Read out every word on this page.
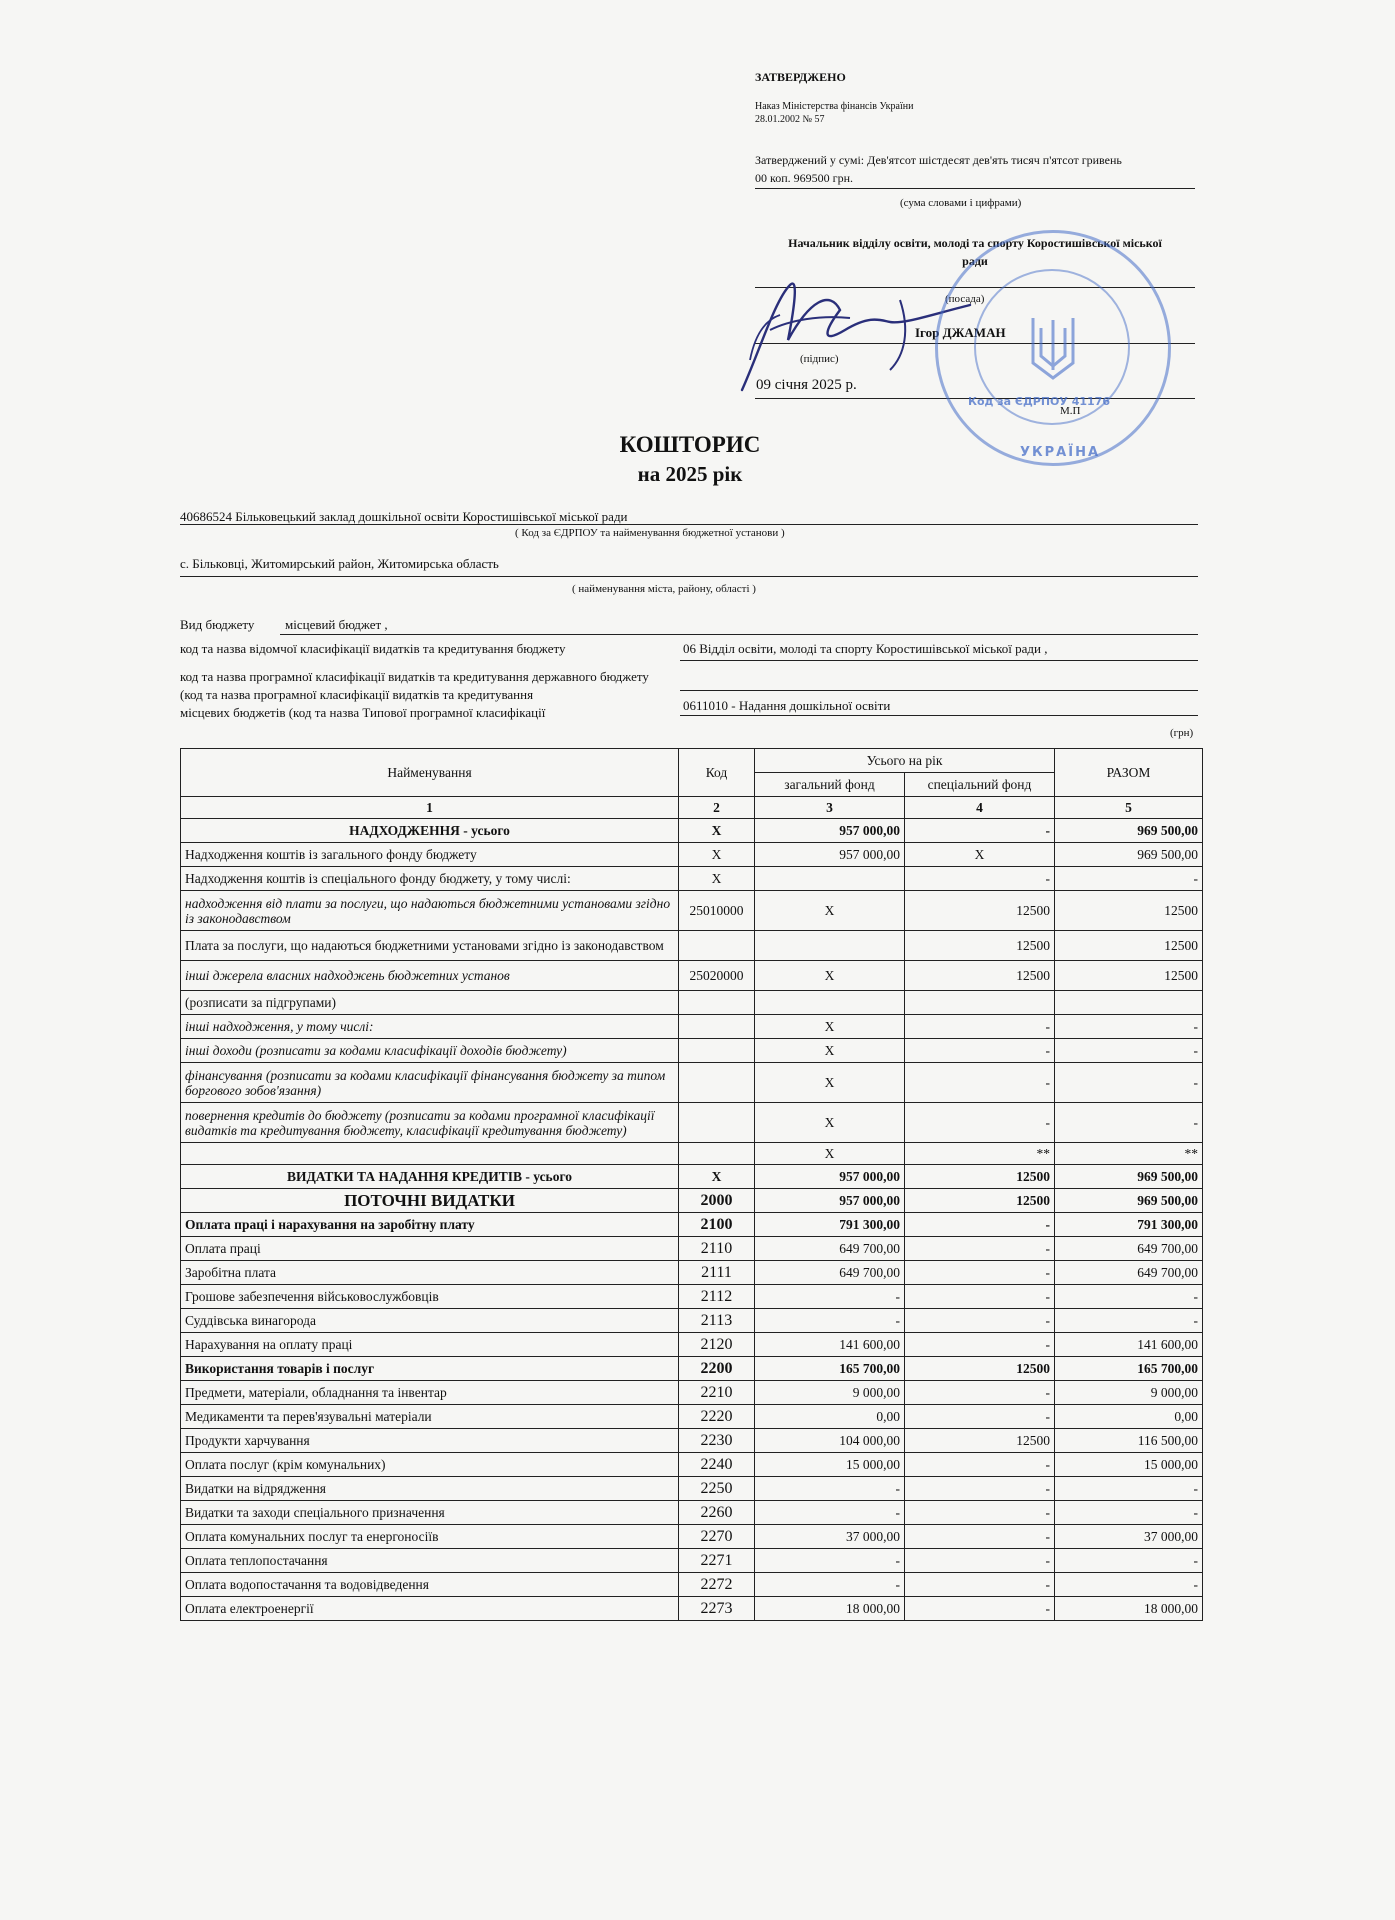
ЗАТВЕРДЖЕНО
Наказ Міністерства фінансів України
28.01.2002 № 57
Затверджений у сумі: Дев'ятсот шістдесят дев'ять тисяч п'ятсот гривень
00 коп. 969500 грн.
(сума словами і цифрами)
Начальник відділу освіти, молоді та спорту Коростишівської міської
ради
(посада)
Ігор ДЖАМАН
(підпис)
09 січня 2025 р.
М.П
Код за ЄДРПОУ 41176
УКРАЇНА
КОШТОРИС
на 2025 рік
40686524 Більковецький заклад дошкільної освіти Коростишівської міської ради
( Код за ЄДРПОУ та найменування бюджетної установи )
с. Більковці, Житомирський район, Житомирська область
( найменування міста, району, області )
Вид бюджету місцевий бюджет ,
код та назва відомчої класифікації видатків та кредитування бюджету	06 Відділ освіти, молоді та спорту Коростишівської міської ради ,
код та назва програмної класифікації видатків та кредитування державного бюджету
(код та назва програмної класифікації видатків та кредитування
місцевих бюджетів (код та назва Типової програмної класифікації	0611010 - Надання дошкільної освіти
(грн)
Найменування	Код	Усього на рік		РАЗОМ
		загальний фонд	спеціальний фонд	
1	2	3	4	5
НАДХОДЖЕННЯ - усього	Х	957 000,00	-	969 500,00
Надходження коштів із загального фонду бюджету	Х	957 000,00	Х	969 500,00
Надходження коштів із спеціального фонду бюджету, у тому числі:	Х		-	-
надходження від плати за послуги, що надаються бюджетними установами згідно із законодавством	25010000	Х	12500	12500
Плата за послуги, що надаються бюджетними установами згідно із законодавством			12500	12500
інші джерела власних надходжень бюджетних установ	25020000	Х	12500	12500
(розписати за підгрупами)				
інші надходження, у тому числі:		Х	-	-
інші доходи (розписати за кодами класифікації доходів бюджету)		Х	-	-
фінансування (розписати за кодами класифікації фінансування бюджету за типом боргового зобов'язання)		Х	-	-
повернення кредитів до бюджету (розписати за кодами програмної класифікації видатків та кредитування бюджету, класифікації кредитування бюджету)		Х	-	-
		Х	**	**
ВИДАТКИ ТА НАДАННЯ КРЕДИТІВ - усього	Х	957 000,00	12500	969 500,00
ПОТОЧНІ ВИДАТКИ	2000	957 000,00	12500	969 500,00
Оплата праці і нарахування на заробітну плату	2100	791 300,00	-	791 300,00
Оплата праці	2110	649 700,00	-	649 700,00
Заробітна плата	2111	649 700,00	-	649 700,00
Грошове забезпечення військовослужбовців	2112	-	-	-
Суддівська винагорода	2113	-	-	-
Нарахування на оплату праці	2120	141 600,00	-	141 600,00
Використання товарів і послуг	2200	165 700,00	12500	165 700,00
Предмети, матеріали, обладнання та інвентар	2210	9 000,00	-	9 000,00
Медикаменти та перев'язувальні матеріали	2220	0,00	-	0,00
Продукти харчування	2230	104 000,00	12500	116 500,00
Оплата послуг (крім комунальних)	2240	15 000,00	-	15 000,00
Видатки на відрядження	2250	-	-	-
Видатки та заходи спеціального призначення	2260	-	-	-
Оплата комунальних послуг та енергоносіїв	2270	37 000,00	-	37 000,00
Оплата теплопостачання	2271	-	-	-
Оплата водопостачання та водовідведення	2272	-	-	-
Оплата електроенергії	2273	18 000,00	-	18 000,00
